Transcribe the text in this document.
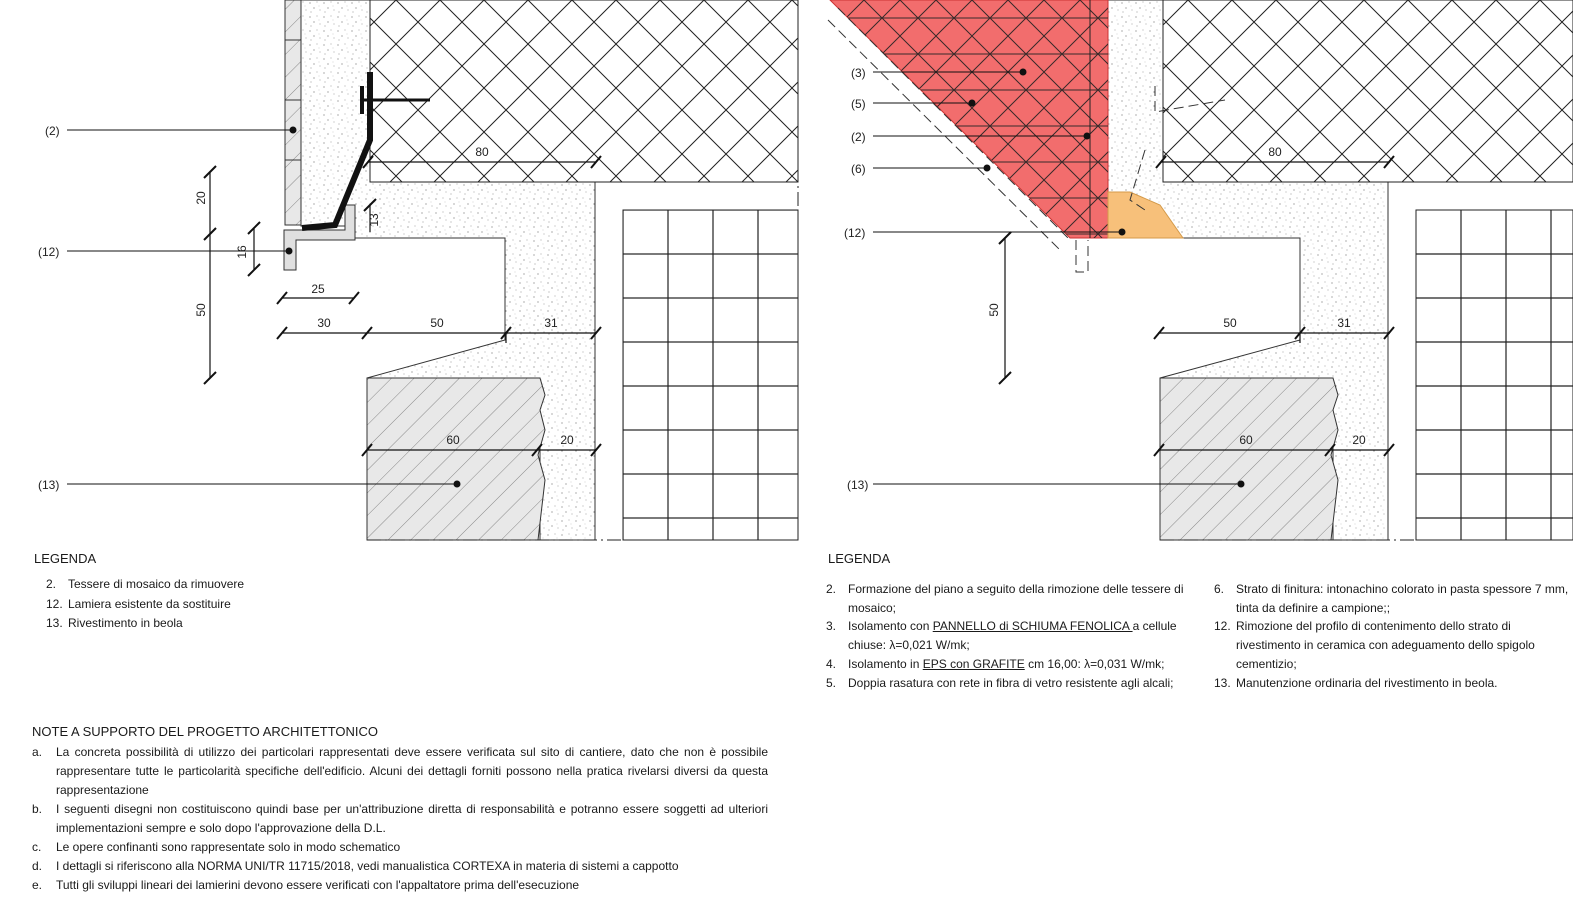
80
20
13
16
25
50
30	50	31
60	20
(2)
(12)
(13)
80
50
50	31
60	20
(3)
(5)
(2)
(6)
(12)
(13)
LEGENDA
2. Tessere di mosaico da rimuovere
12. Lamiera esistente da sostituire
13. Rivestimento in beola
LEGENDA
2. Formazione del piano a seguito della rimozione delle tessere di mosaico;
3. Isolamento con PANNELLO di SCHIUMA FENOLICA a cellule chiuse: λ=0,021 W/mk;
4. Isolamento in EPS con GRAFITE cm 16,00: λ=0,031 W/mk;
5. Doppia rasatura con rete in fibra di vetro resistente agli alcali;
6. Strato di finitura: intonachino colorato in pasta spessore 7 mm, tinta da definire a campione;;
12. Rimozione del profilo di contenimento dello strato di rivestimento in ceramica con adeguamento dello spigolo cementizio;
13. Manutenzione ordinaria del rivestimento in beola.
NOTE A SUPPORTO DEL PROGETTO ARCHITETTONICO
a. La concreta possibilità di utilizzo dei particolari rappresentati deve essere verificata sul sito di cantiere, dato che non è possibile rappresentare tutte le particolarità specifiche dell'edificio. Alcuni dei dettagli forniti possono nella pratica rivelarsi diversi da questa rappresentazione
b. I seguenti disegni non costituiscono quindi base per un'attribuzione diretta di responsabilità e potranno essere soggetti ad ulteriori implementazioni sempre e solo dopo l'approvazione della D.L.
c. Le opere confinanti sono rappresentate solo in modo schematico
d. I dettagli si riferiscono alla NORMA UNI/TR 11715/2018, vedi manualistica CORTEXA in materia di sistemi a cappotto
e. Tutti gli sviluppi lineari dei lamierini devono essere verificati con l'appaltatore prima dell'esecuzione
